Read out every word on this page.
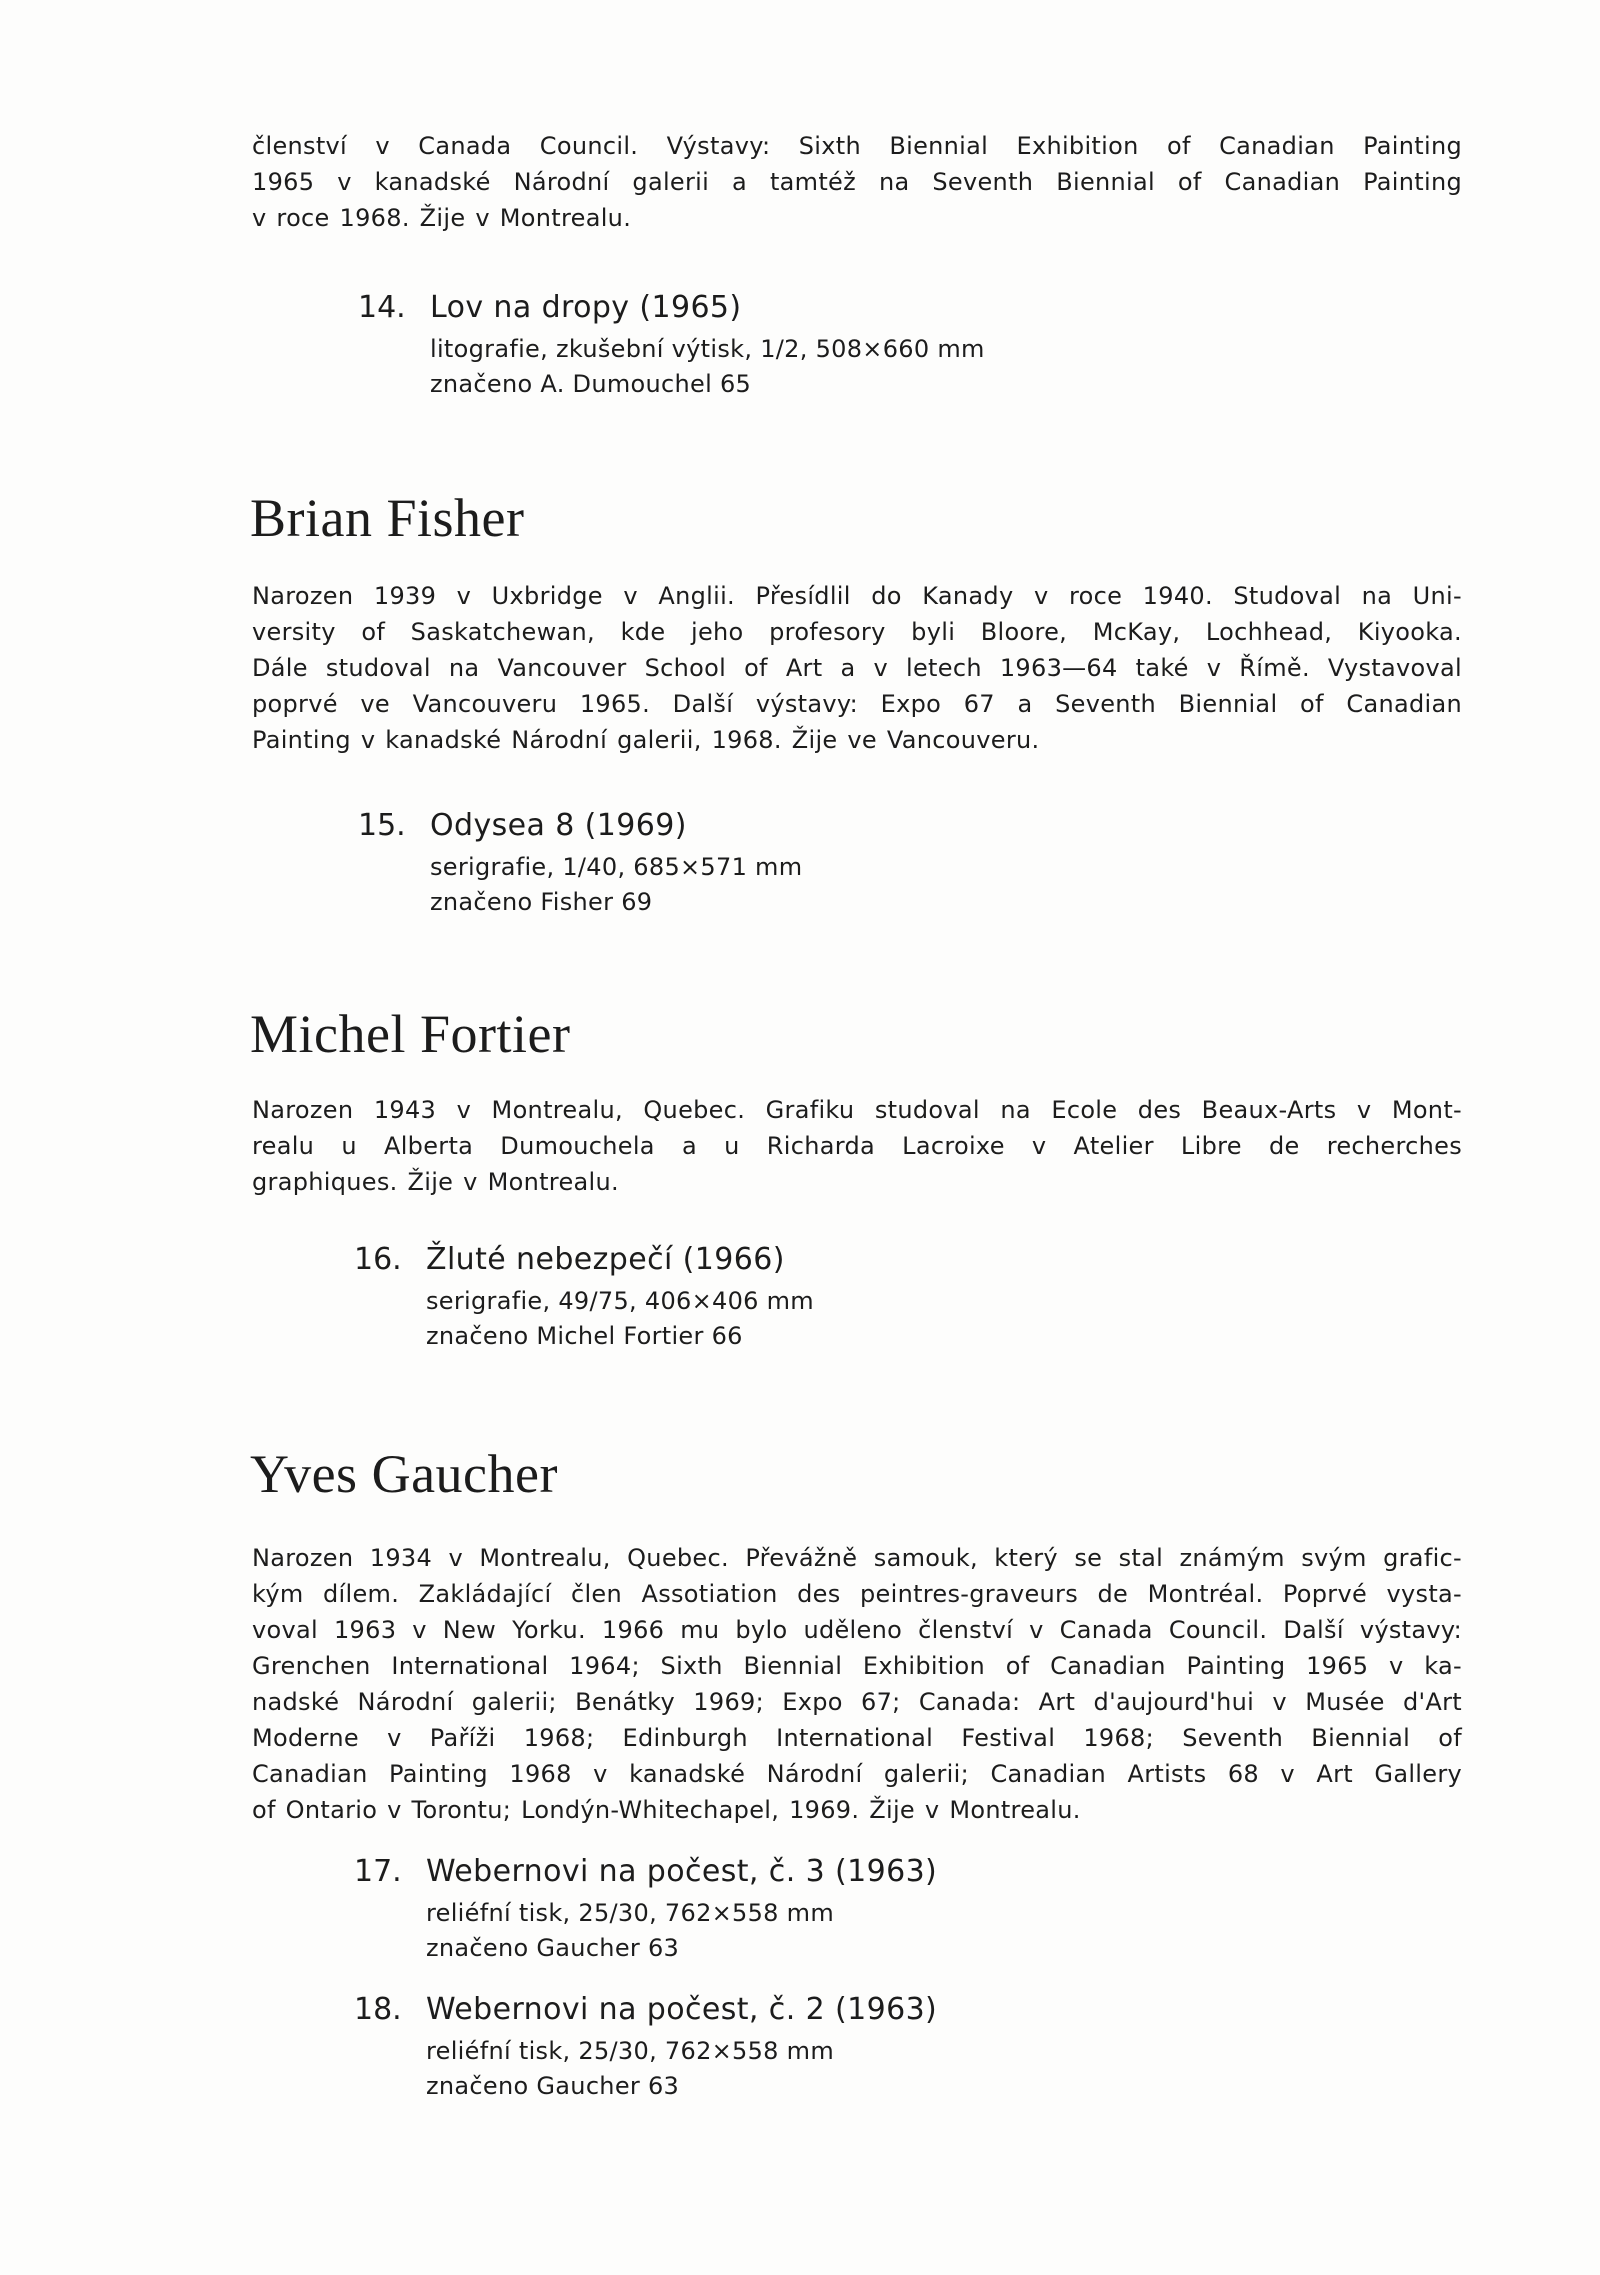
členství v Canada Council. Výstavy: Sixth Biennial Exhibition of Canadian Painting
1965 v kanadské Národní galerii a tamtéž na Seventh Biennial of Canadian Painting
v roce 1968. Žije v Montrealu.
14. Lov na dropy (1965)
litografie, zkušební výtisk, 1/2, 508×660 mm
značeno A. Dumouchel 65
Brian Fisher
Narozen 1939 v Uxbridge v Anglii. Přesídlil do Kanady v roce 1940. Studoval na Uni-
versity of Saskatchewan, kde jeho profesory byli Bloore, McKay, Lochhead, Kiyooka.
Dále studoval na Vancouver School of Art a v letech 1963—64 také v Římě. Vystavoval
poprvé ve Vancouveru 1965. Další výstavy: Expo 67 a Seventh Biennial of Canadian
Painting v kanadské Národní galerii, 1968. Žije ve Vancouveru.
15. Odysea 8 (1969)
serigrafie, 1/40, 685×571 mm
značeno Fisher 69
Michel Fortier
Narozen 1943 v Montrealu, Quebec. Grafiku studoval na Ecole des Beaux-Arts v Mont-
realu u Alberta Dumouchela a u Richarda Lacroixe v Atelier Libre de recherches
graphiques. Žije v Montrealu.
16. Žluté nebezpečí (1966)
serigrafie, 49/75, 406×406 mm
značeno Michel Fortier 66
Yves Gaucher
Narozen 1934 v Montrealu, Quebec. Převážně samouk, který se stal známým svým grafic-
kým dílem. Zakládající člen Assotiation des peintres-graveurs de Montréal. Poprvé vysta-
voval 1963 v New Yorku. 1966 mu bylo uděleno členství v Canada Council. Další výstavy:
Grenchen International 1964; Sixth Biennial Exhibition of Canadian Painting 1965 v ka-
nadské Národní galerii; Benátky 1969; Expo 67; Canada: Art d'aujourd'hui v Musée d'Art
Moderne v Paříži 1968; Edinburgh International Festival 1968; Seventh Biennial of
Canadian Painting 1968 v kanadské Národní galerii; Canadian Artists 68 v Art Gallery
of Ontario v Torontu; Londýn-Whitechapel, 1969. Žije v Montrealu.
17. Webernovi na počest, č. 3 (1963)
reliéfní tisk, 25/30, 762×558 mm
značeno Gaucher 63
18. Webernovi na počest, č. 2 (1963)
reliéfní tisk, 25/30, 762×558 mm
značeno Gaucher 63
